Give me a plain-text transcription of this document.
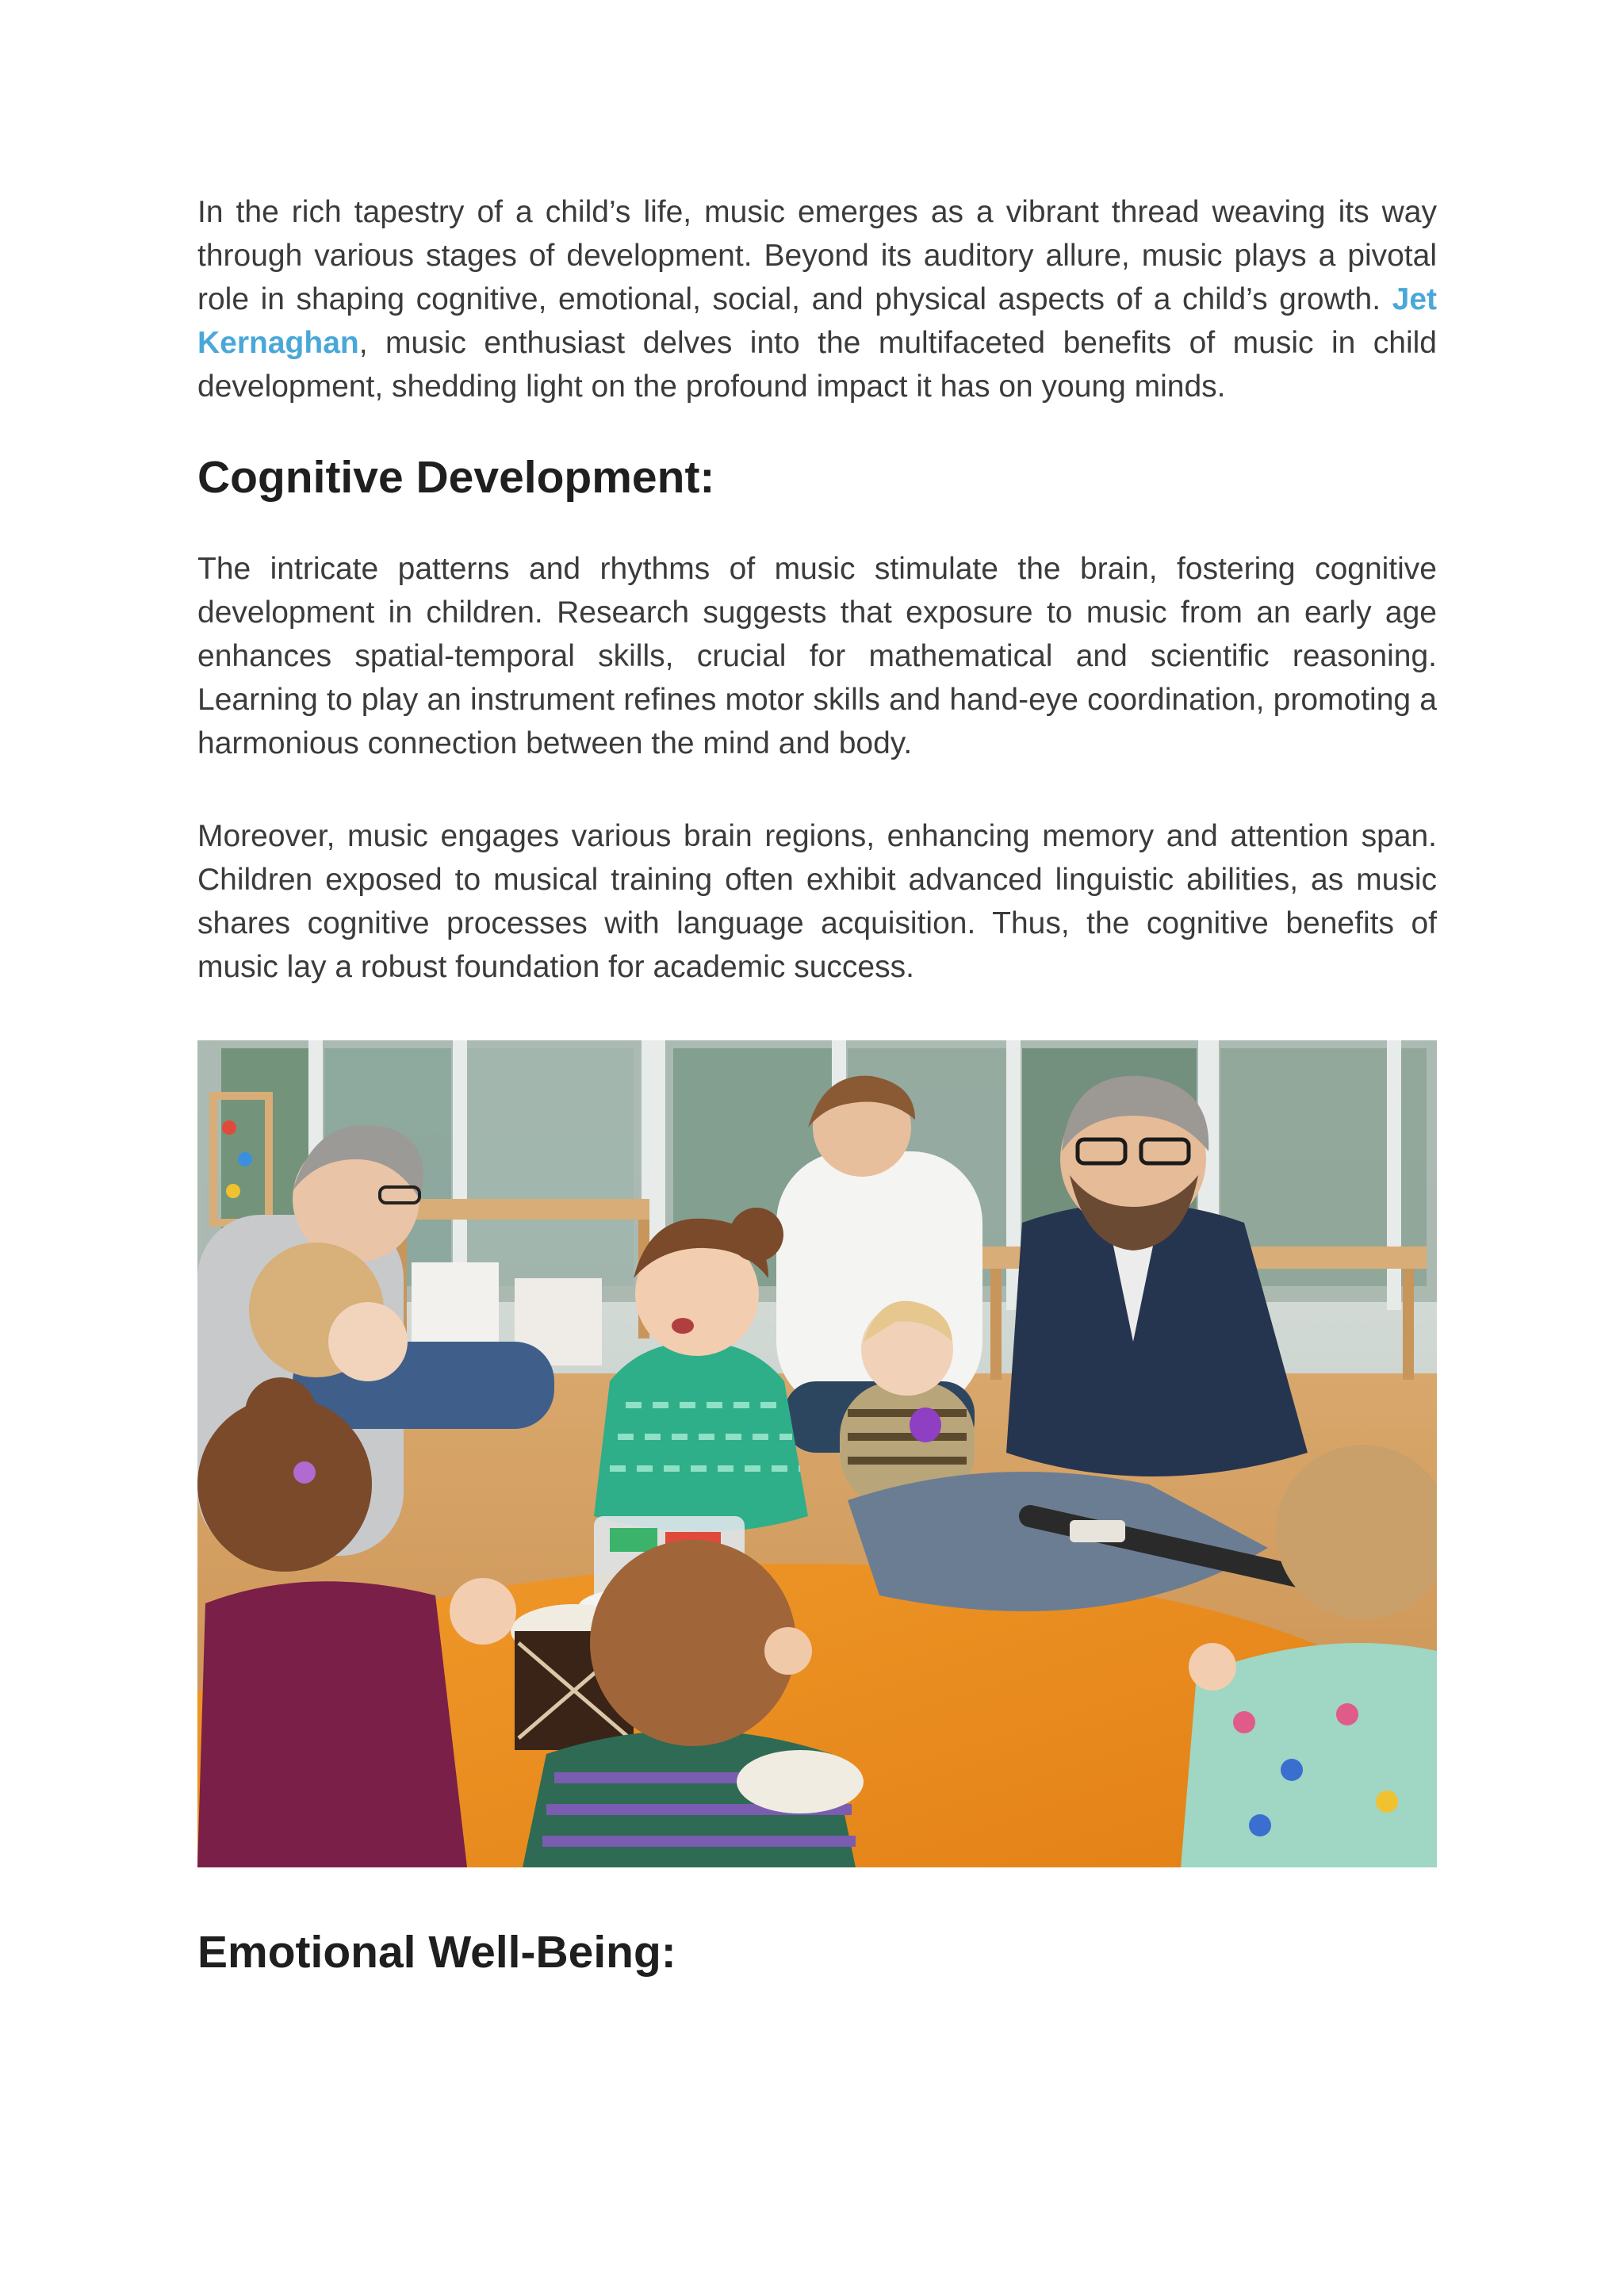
In the rich tapestry of a child’s life, music emerges as a vibrant thread weaving its way through various stages of development. Beyond its auditory allure, music plays a pivotal role in shaping cognitive, emotional, social, and physical aspects of a child’s growth. Jet Kernaghan, music enthusiast delves into the multifaceted benefits of music in child development, shedding light on the profound impact it has on young minds.

Cognitive Development:

The intricate patterns and rhythms of music stimulate the brain, fostering cognitive development in children. Research suggests that exposure to music from an early age enhances spatial-temporal skills, crucial for mathematical and scientific reasoning. Learning to play an instrument refines motor skills and hand-eye coordination, promoting a harmonious connection between the mind and body.

Moreover, music engages various brain regions, enhancing memory and attention span. Children exposed to musical training often exhibit advanced linguistic abilities, as music shares cognitive processes with language acquisition. Thus, the cognitive benefits of music lay a robust foundation for academic success.

Emotional Well-Being:
